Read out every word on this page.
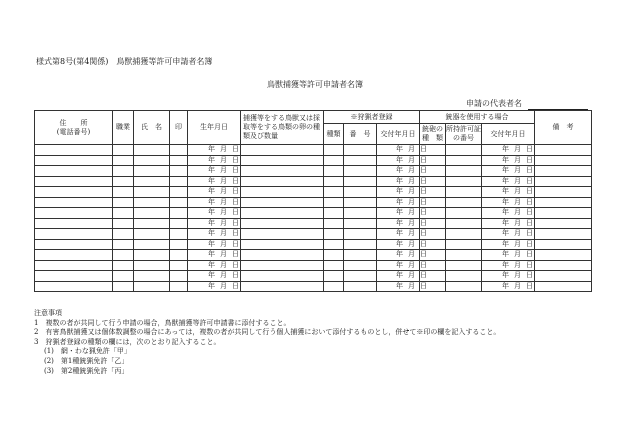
様式第8号(第4関係)　鳥獣捕獲等許可申請者名簿
鳥獣捕獲等許可申請者名簿
申請の代表者名
住　　所
(電話番号)	職業	氏　名	印	生年月日	捕獲等をする鳥獣又は採取等をする鳥類の卵の種類及び数量	※狩猟者登録			銃器を使用する場合			備　考
						種類	番　号	交付年月日	銃砲の種　類	所持許可証の番号	交付年月日	
				年 月 日				年 月 日			年 月 日	
				年 月 日				年 月 日			年 月 日	
				年 月 日				年 月 日			年 月 日	
				年 月 日				年 月 日			年 月 日	
				年 月 日				年 月 日			年 月 日	
				年 月 日				年 月 日			年 月 日	
				年 月 日				年 月 日			年 月 日	
				年 月 日				年 月 日			年 月 日	
				年 月 日				年 月 日			年 月 日	
				年 月 日				年 月 日			年 月 日	
				年 月 日				年 月 日			年 月 日	
				年 月 日				年 月 日			年 月 日	
				年 月 日				年 月 日			年 月 日	
				年 月 日				年 月 日			年 月 日	
注意事項
1　複数の者が共同して行う申請の場合，鳥獣捕獲等許可申請書に添付すること。
2　有害鳥獣捕獲又は個体数調整の場合にあっては，複数の者が共同して行う個人捕獲において添付するものとし，併せて※印の欄を記入すること。
3　狩猟者登録の種類の欄には，次のとおり記入すること。
(1)　網・わな猟免許「甲」
(2)　第1種銃猟免許「乙」
(3)　第2種銃猟免許「丙」
